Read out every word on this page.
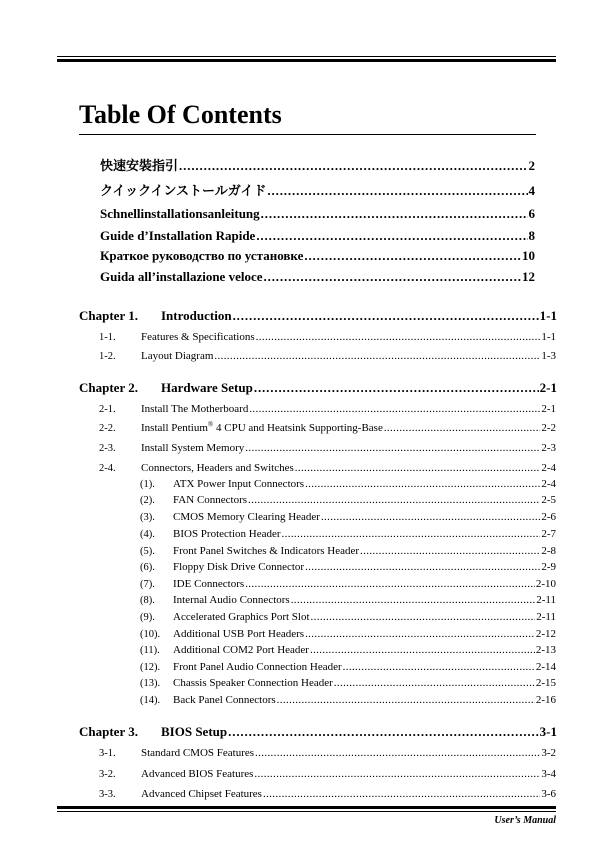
Table Of Contents
快速安裝指引 . . .	2
クイックインストールガイド . . .	4
Schnellinstallationsanleitung . . .	6
Guide d’Installation Rapide . . .	8
Краткое руководство по установке . . .	10
Guida all’installazione veloce . . .	12
Chapter 1. Introduction . . .	1-1
1-1. Features & Specifications . . .	1-1
1-2. Layout Diagram . . .	1-3
Chapter 2. Hardware Setup . . .	2-1
2-1. Install The Motherboard . . .	2-1
2-2. Install Pentium® 4 CPU and Heatsink Supporting-Base . . .	2-2
2-3. Install System Memory . . .	2-3
2-4. Connectors, Headers and Switches . . .	2-4
(1). ATX Power Input Connectors . . .	2-4
(2). FAN Connectors . . .	2-5
(3). CMOS Memory Clearing Header . . .	2-6
(4). BIOS Protection Header . . .	2-7
(5). Front Panel Switches & Indicators Header . . .	2-8
(6). Floppy Disk Drive Connector . . .	2-9
(7). IDE Connectors . . .	2-10
(8). Internal Audio Connectors . . .	2-11
(9). Accelerated Graphics Port Slot . . .	2-11
(10). Additional USB Port Headers . . .	2-12
(11). Additional COM2 Port Header . . .	2-13
(12). Front Panel Audio Connection Header . . .	2-14
(13). Chassis Speaker Connection Header . . .	2-15
(14). Back Panel Connectors . . .	2-16
Chapter 3. BIOS Setup . . .	3-1
3-1. Standard CMOS Features . . .	3-2
3-2. Advanced BIOS Features . . .	3-4
3-3. Advanced Chipset Features . . .	3-6
User’s Manual
